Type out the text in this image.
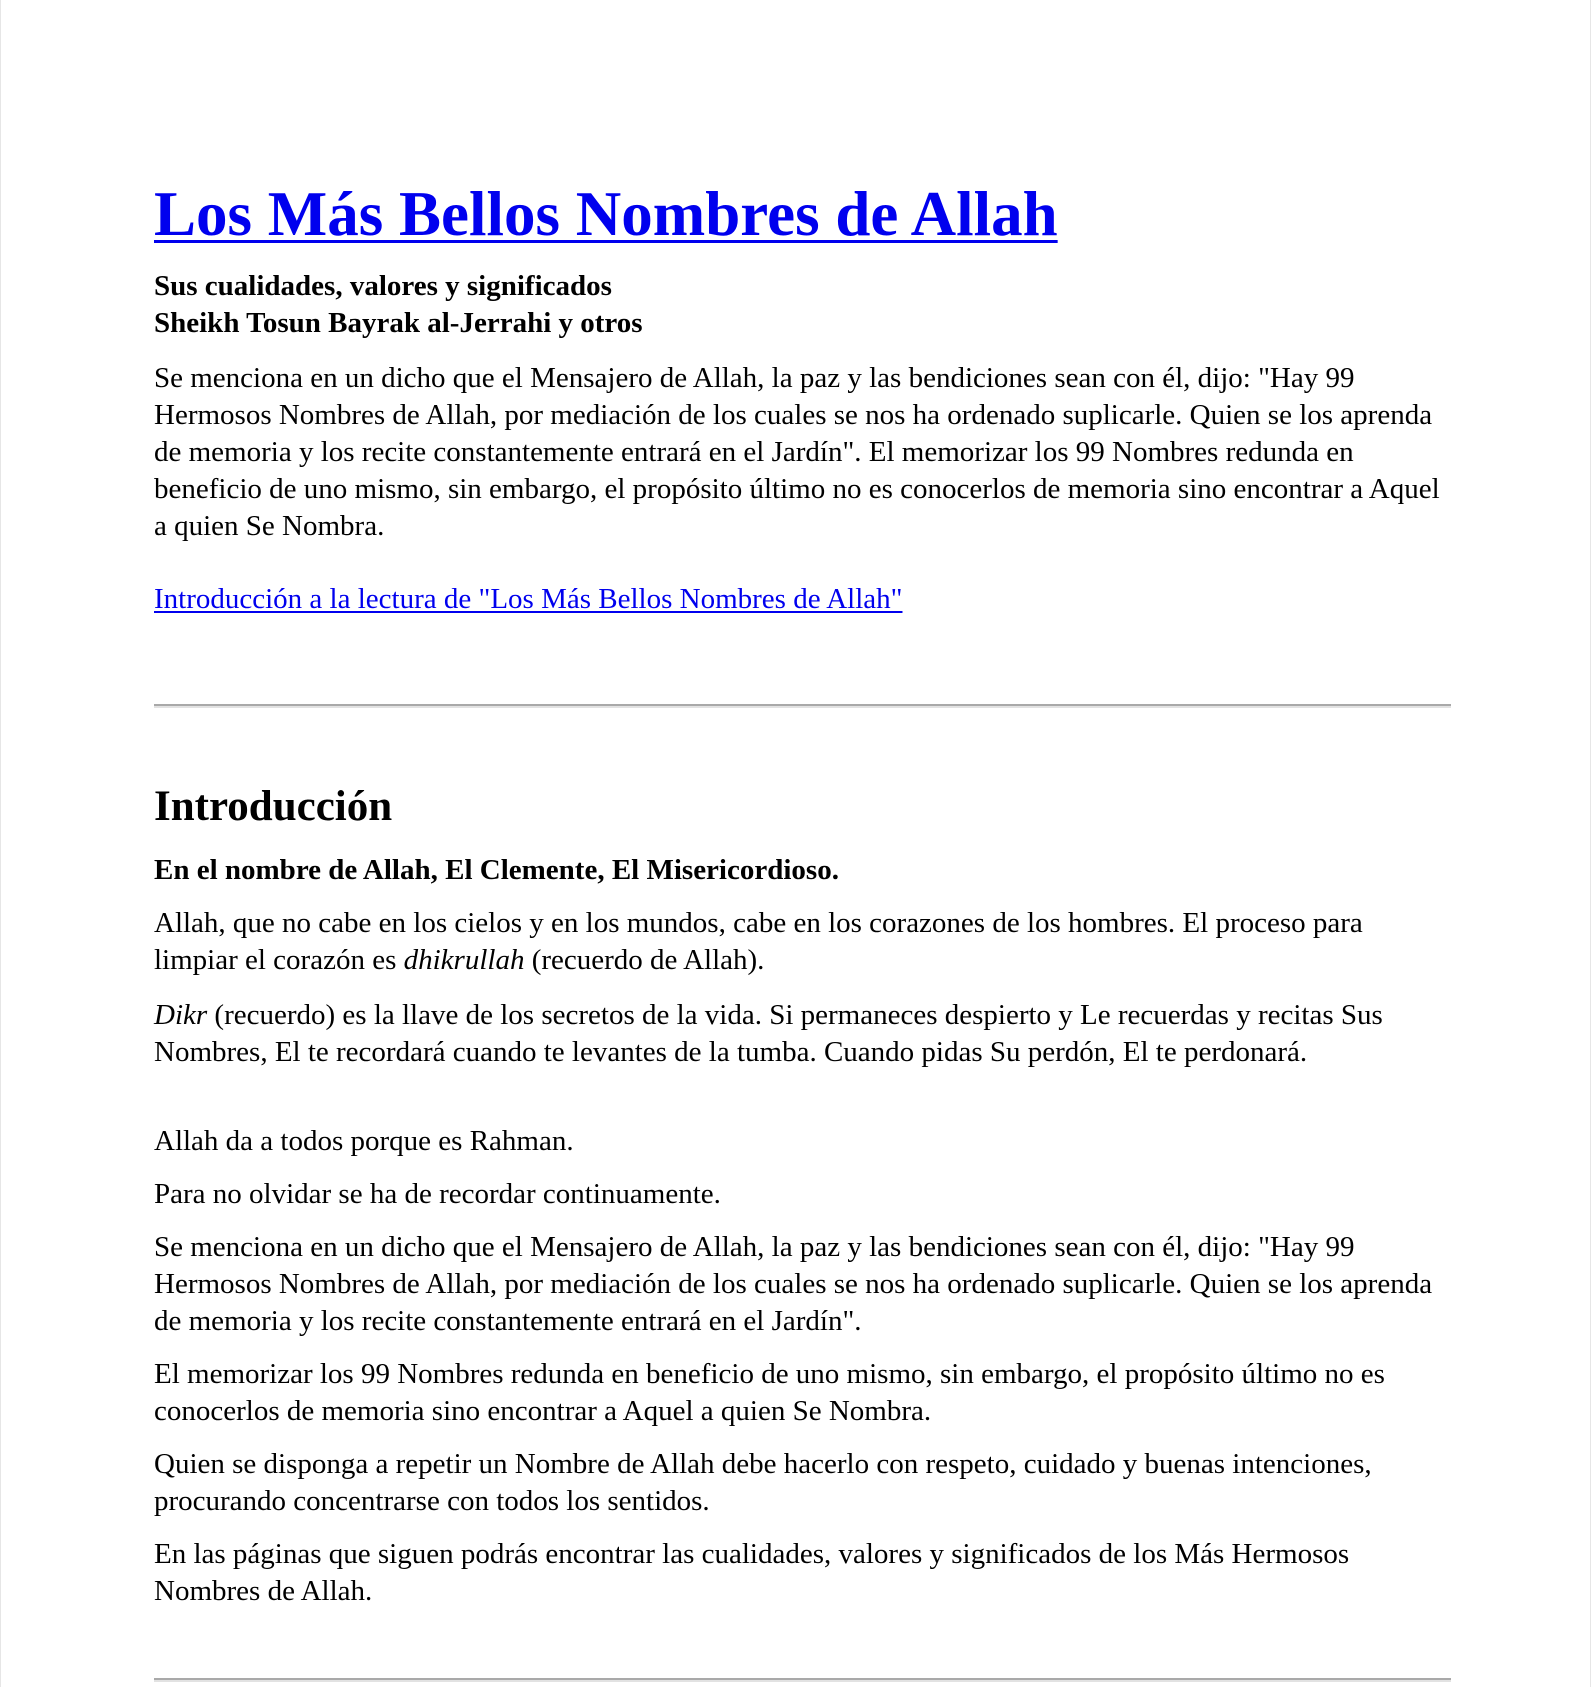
Los Más Bellos Nombres de Allah
Sus cualidades, valores y significados
Sheikh Tosun Bayrak al-Jerrahi y otros

Se menciona en un dicho que el Mensajero de Allah, la paz y las bendiciones sean con él, dijo: "Hay 99 Hermosos Nombres de Allah, por mediación de los cuales se nos ha ordenado suplicarle. Quien se los aprenda de memoria y los recite constantemente entrará en el Jardín". El memorizar los 99 Nombres redunda en beneficio de uno mismo, sin embargo, el propósito último no es conocerlos de memoria sino encontrar a Aquel a quien Se Nombra.

Introducción a la lectura de "Los Más Bellos Nombres de Allah"

Introducción

En el nombre de Allah, El Clemente, El Misericordioso.

Allah, que no cabe en los cielos y en los mundos, cabe en los corazones de los hombres. El proceso para limpiar el corazón es dhikrullah (recuerdo de Allah).

Dikr (recuerdo) es la llave de los secretos de la vida. Si permaneces despierto y Le recuerdas y recitas Sus Nombres, El te recordará cuando te levantes de la tumba. Cuando pidas Su perdón, El te perdonará.

Allah da a todos porque es Rahman.

Para no olvidar se ha de recordar continuamente.

Se menciona en un dicho que el Mensajero de Allah, la paz y las bendiciones sean con él, dijo: "Hay 99 Hermosos Nombres de Allah, por mediación de los cuales se nos ha ordenado suplicarle. Quien se los aprenda de memoria y los recite constantemente entrará en el Jardín".

El memorizar los 99 Nombres redunda en beneficio de uno mismo, sin embargo, el propósito último no es conocerlos de memoria sino encontrar a Aquel a quien Se Nombra.

Quien se disponga a repetir un Nombre de Allah debe hacerlo con respeto, cuidado y buenas intenciones, procurando concentrarse con todos los sentidos.

En las páginas que siguen podrás encontrar las cualidades, valores y significados de los Más Hermosos Nombres de Allah.
